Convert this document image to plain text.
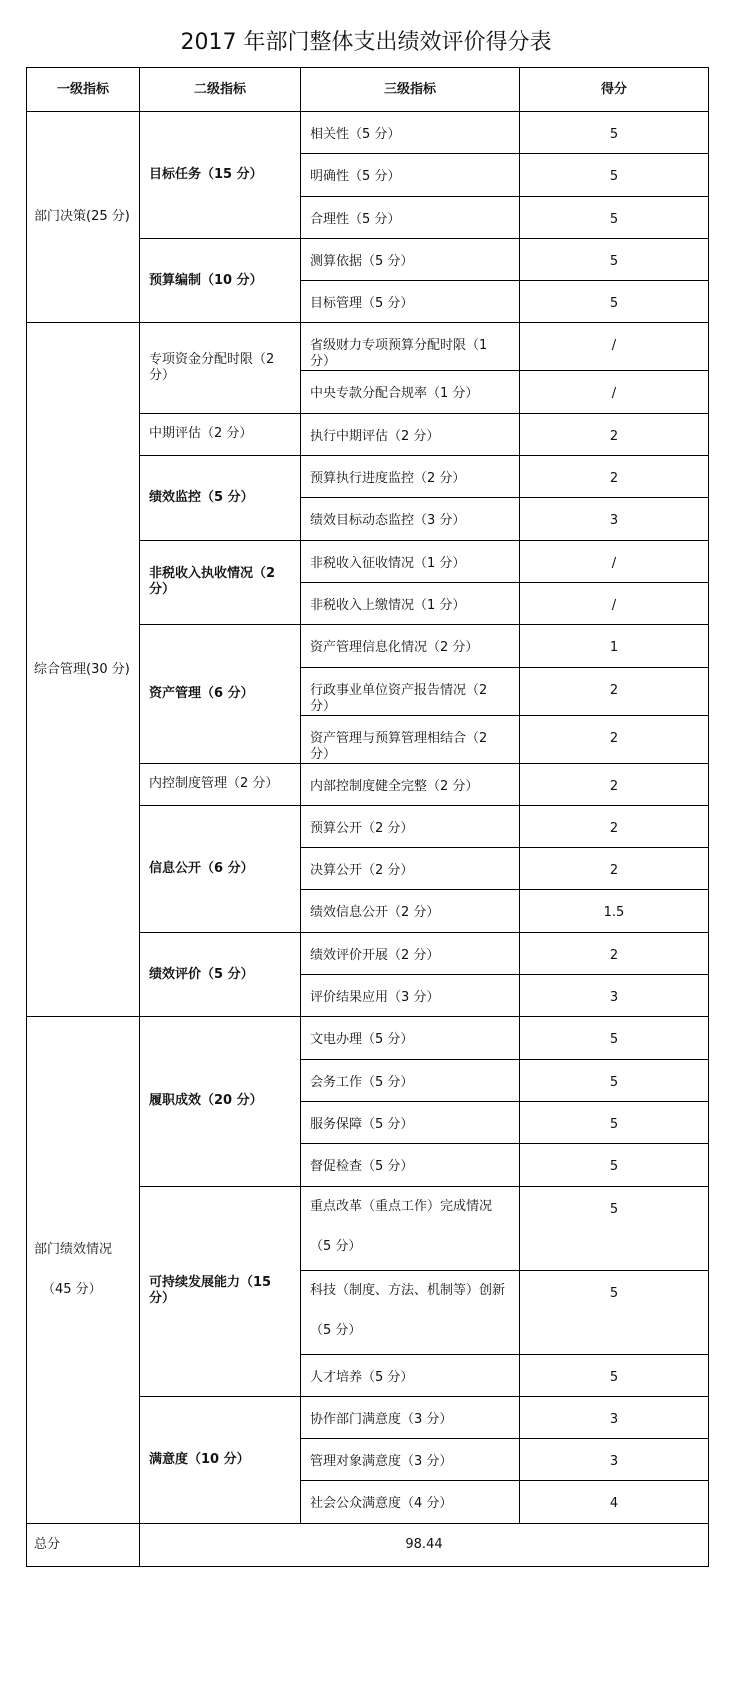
2017 年部门整体支出绩效评价得分表
一级指标	二级指标	三级指标	得分
部门决策(25 分)	目标任务（15 分）	相关性（5 分）	5
		明确性（5 分）	5
		合理性（5 分）	5
	预算编制（10 分）	测算依据（5 分）	5
		目标管理（5 分）	5
综合管理(30 分)	专项资金分配时限（2 分）	省级财力专项预算分配时限（1 分）	/
		中央专款分配合规率（1 分）	/
	中期评估（2 分）	执行中期评估（2 分）	2
	绩效监控（5 分）	预算执行进度监控（2 分）	2
		绩效目标动态监控（3 分）	3
	非税收入执收情况（2 分）	非税收入征收情况（1 分）	/
		非税收入上缴情况（1 分）	/
	资产管理（6 分）	资产管理信息化情况（2 分）	1
		行政事业单位资产报告情况（2 分）	2
		资产管理与预算管理相结合（2 分）	2
	内控制度管理（2 分）	内部控制度健全完整（2 分）	2
	信息公开（6 分）	预算公开（2 分）	2
		决算公开（2 分）	2
		绩效信息公开（2 分）	1.5
	绩效评价（5 分）	绩效评价开展（2 分）	2
		评价结果应用（3 分）	3
部门绩效情况
（45 分）	履职成效（20 分）	文电办理（5 分）	5
		会务工作（5 分）	5
		服务保障（5 分）	5
		督促检查（5 分）	5
	可持续发展能力（15 分）	重点改革（重点工作）完成情况
（5 分）	5
		科技（制度、方法、机制等）创新
（5 分）	5
		人才培养（5 分）	5
	满意度（10 分）	协作部门满意度（3 分）	3
		管理对象满意度（3 分）	3
		社会公众满意度（4 分）	4
总分	98.44		
